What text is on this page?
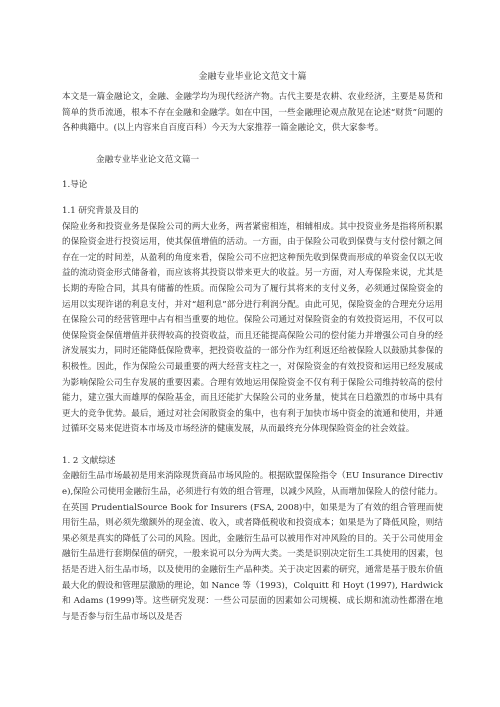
金融专业毕业论文范文十篇

本文是一篇金融论文，金融、金融学均为现代经济产物。古代主要是农耕、农业经济，主要是易货和简单的货币流通，根本不存在金融和金融学。如在中国，一些金融理论观点散见在论述“财货”问题的各种典籍中。(以上内容来自百度百科）今天为大家推荐一篇金融论文，供大家参考。

金融专业毕业论文范文篇一

1.导论

1.1 研究背景及目的

保险业务和投资业务是保险公司的两大业务，两者紧密相连，相辅相成。其中投资业务是指将所积累的保险资金进行投资运用，使其保值增值的活动。一方面，由于保险公司收到保费与支付偿付额之间存在一定的时间差，从盈利的角度来看，保险公司不应把这种预先收到保费而形成的单资金仅以无收益的流动资金形式储备着，而应该将其投资以带来更大的收益。另一方面，对人寿保险来说，尤其是长期的寿险合同，其具有储蓄的性质。而保险公司为了履行其将来的支付义务，必须通过保险资金的运用以实现许诺的利息支付，并对“超利息”部分进行利润分配。由此可见，保险资金的合理充分运用在保险公司的经营管理中占有相当重要的地位。保险公司通过对保险资金的有效投资运用，不仅可以使保险资金保值增值并获得较高的投资收益，而且还能提高保险公司的偿付能力并增强公司自身的经济发展实力，同时还能降低保险费率，把投资收益的一部分作为红利返还给被保险人以鼓励其参保的积极性。因此，作为保险公司最重要的两大经营支柱之一，对保险资金的有效投资和运用已经发展成为影响保险公司生存发展的重要因素。合理有效地运用保险资金不仅有利于保险公司维持较高的偿付能力，建立强大而雄厚的保险基金，而且还能扩大保险公司的业务量，使其在日趋激烈的市场中具有更大的竞争优势。最后，通过对社会闲散资金的集中，也有利于加快市场中资金的流通和使用，并通过循环交易来促进资本市场及市场经济的健康发展，从而最终充分体现保险资金的社会效益。

1. 2 文献综述

金融衍生品市场最初是用来消除现货商品市场风险的。根据欧盟保险指令（EU Insurance Directive),保险公司使用金融衍生品，必须进行有效的组合管理，以减少风险，从而增加保险人的偿付能力。在英国 PrudentialSource Book for Insurers (FSA, 2008)中，如果是为了有效的组合管理而使用衍生品，则必须先缴额外的现金流、收入，或者降低税收和投资成本；如果是为了降低风险，则结果必须是真实的降低了公司的风险。因此，金融衍生品可以被用作对冲风险的目的。关于公司使用金融衍生品进行套期保值的研究，一般来说可以分为两大类。一类是识别决定衍生工具使用的因素，包括是否进入衍生品市场，以及使用的金融衍生产品种类。关于决定因素的研究，通常是基于股东价值最大化的假设和管理层激励的理论，如 Nance 等（1993)，Colquitt 和 Hoyt (1997), Hardwick 和 Adams (1999)等。这些研究发现：一些公司层面的因素如公司规模、成长期和流动性都潜在地与是否参与衍生品市场以及是否
